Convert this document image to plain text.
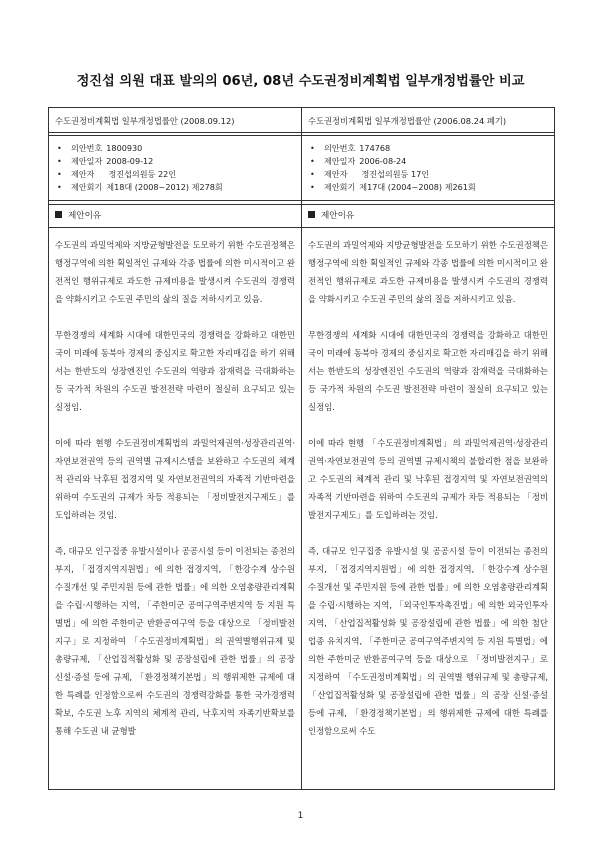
정진섭 의원 대표 발의의 06년, 08년 수도권정비계획법 일부개정법률안 비교
수도권정비계획법 일부개정법률안 (2008.09.12)
• 의안번호 1800930
• 제안일자 2008-09-12
• 제안자 정진섭의원등 22인
• 제안회기 제18대 (2008~2012) 제278회
제안이유

수도권의 과밀억제와 지방균형발전을 도모하기 위한 수도권정책은 행정구역에 의한 획일적인 규제와 각종 법률에 의한 미시적이고 완전적인 행위규제로 과도한 규제비용을 발생시켜 수도권의 경쟁력을 약화시키고 수도권 주민의 삶의 질을 저하시키고 있음.

무한경쟁의 세계화 시대에 대한민국의 경쟁력을 강화하고 대한민국이 미래에 동북아 경제의 중심지로 확고한 자리매김을 하기 위해서는 한반도의 성장엔진인 수도권의 역량과 잠재력을 극대화하는 등 국가적 차원의 수도권 발전전략 마련이 절실히 요구되고 있는 실정임.

이에 따라 현행 수도권정비계획법의 과밀억제권역·성장관리권역·자연보전권역 등의 권역별 규제시스템을 보완하고 수도권의 체계적 관리와 낙후된 접경지역 및 자연보전권역의 자족적 기반마련을 위하여 수도권의 규제가 차등 적용되는 「정비발전지구제도」를 도입하려는 것임.

즉, 대규모 인구집중 유발시설이나 공공시설 등이 이전되는 종전의 부지, 「접경지역지원법」에 의한 접경지역, 「한강수계 상수원 수질개선 및 주민지원 등에 관한 법률」에 의한 오염총량관리계획을 수립·시행하는 지역, 「주한미군 공여구역주변지역 등 지원 특별법」에 의한 주한미군 반환공여구역 등을 대상으로 「정비발전지구」로 지정하여 「수도권정비계획법」의 권역별행위규제 및 총량규제, 「산업집적활성화 및 공장설립에 관한 법률」의 공장 신설·증설 등에 규제, 「환경정책기본법」의 행위제한 규제에 대한 특례를 인정함으로써 수도권의 경쟁력강화를 통한 국가경쟁력 확보, 수도권 노후 지역의 체계적 관리, 낙후지역 자족기반확보를 통해 수도권 내 균형발

수도권정비계획법 일부개정법률안 (2006.08.24 폐기)
• 의안번호 174768
• 제안일자 2006-08-24
• 제안자 정진섭의원등 17인
• 제안회기 제17대 (2004~2008) 제261회
제안이유

수도권의 과밀억제와 지방균형발전을 도모하기 위한 수도권정책은 행정구역에 의한 획일적인 규제와 각종 법률에 의한 미시적이고 완전적인 행위규제로 과도한 규제비용을 발생시켜 수도권의 경쟁력을 약화시키고 수도권 주민의 삶의 질을 저하시키고 있음.

무한경쟁의 세계화 시대에 대한민국의 경쟁력을 강화하고 대한민국이 미래에 동북아 경제의 중심지로 확고한 자리매김을 하기 위해서는 한반도의 성장엔진인 수도권의 역량과 잠재력을 극대화하는 등 국가적 차원의 수도권 발전전략 마련이 절실히 요구되고 있는 실정임.

이에 따라 현행 「수도권정비계획법」의 과밀억제권역·성장관리권역·자연보전권역 등의 권역별 규제시책의 불합리한 점을 보완하고 수도권의 체계적 관리 및 낙후된 접경지역 및 자연보전권역의 자족적 기반마련을 위하여 수도권의 규제가 차등 적용되는 「정비발전지구제도」를 도입하려는 것임.

즉, 대규모 인구집중 유발시설 및 공공시설 등이 이전되는 종전의 부지, 「접경지역지원법」에 의한 접경지역, 「한강수계 상수원 수질개선 및 주민지원 등에 관한 법률」에 의한 오염총량관리계획을 수립·시행하는 지역, 「외국인투자촉진법」에 의한 외국인투자지역, 「산업집적활성화 및 공장설립에 관한 법률」에 의한 첨단업종 유치지역, 「주한미군 공여구역주변지역 등 지원 특별법」에 의한 주한미군 반환공여구역 등을 대상으로 「정비발전지구」로 지정하여 「수도권정비계획법」의 권역별 행위규제 및 총량규제, 「산업집적활성화 및 공장설립에 관한 법률」의 공장 신설·증설 등에 규제, 「환경정책기본법」의 행위제한 규제에 대한 특례를 인정함으로써 수도

1
